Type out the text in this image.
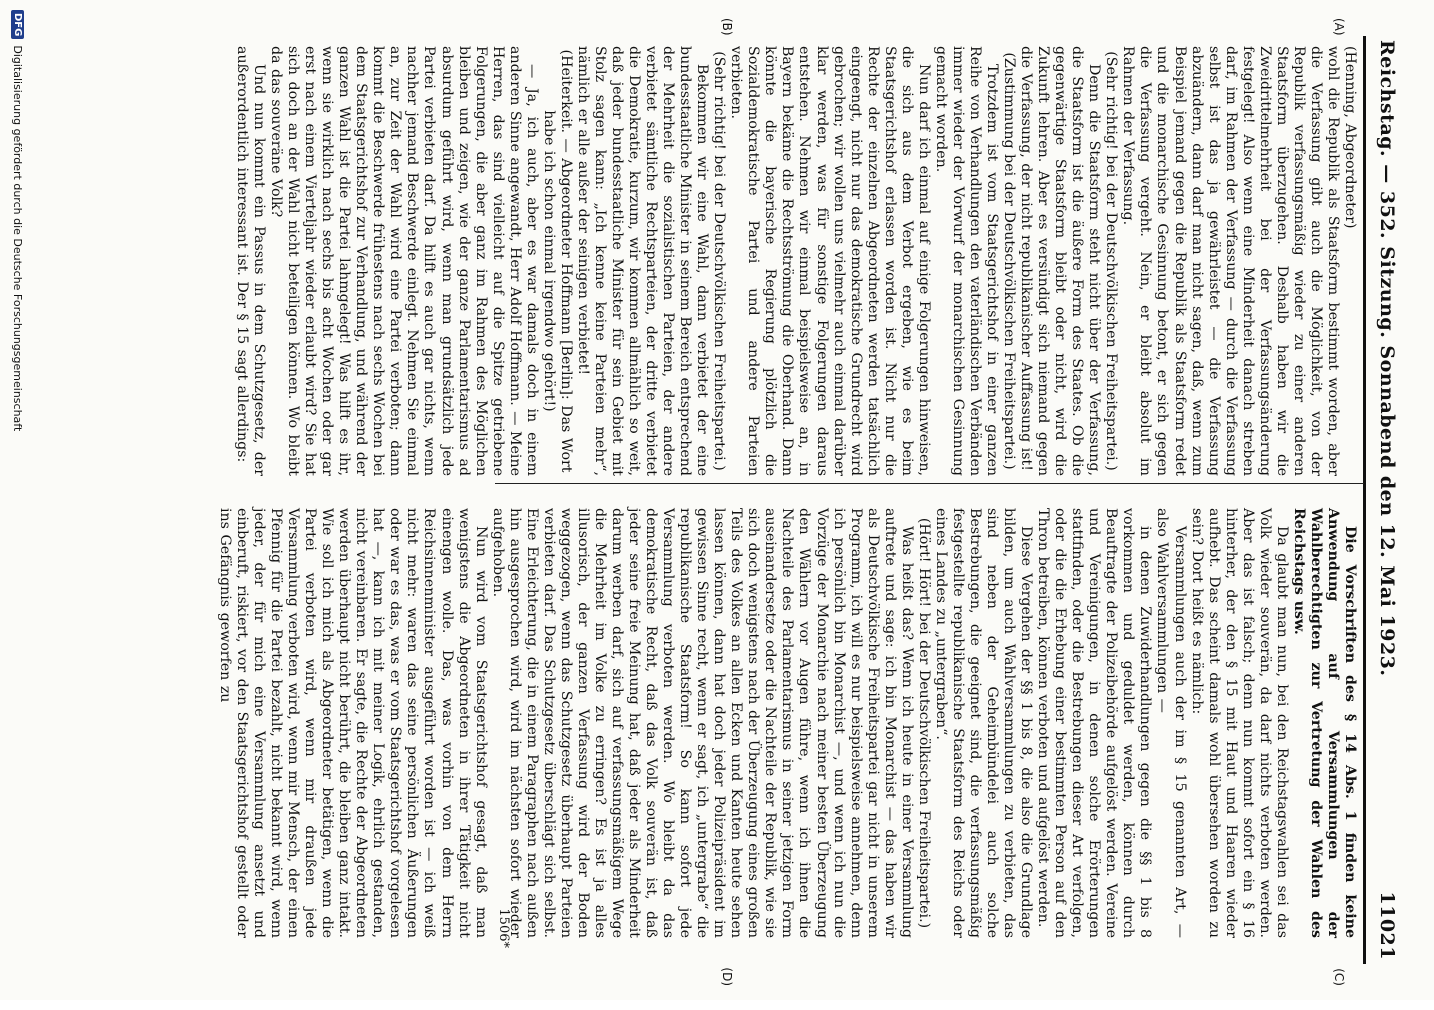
Reichstag. — 352. Sitzung. Sonnabend den 12. Mai 1923.
11021
(A)
(B)
(C)
(D)

(Henning, Abgeordneter)

wohl die Republik als Staatsform bestimmt worden, aber die Verfassung gibt auch die Möglichkeit, von der Republik verfassungsmäßig wieder zu einer anderen Staatsform überzugehen. Deshalb haben wir die Zweidrittelmehrheit bei der Verfassungsänderung festgelegt! Also wenn eine Minderheit danach streben darf, im Rahmen der Verfassung — durch die Verfassung selbst ist das ja gewährleistet — die Verfassung abzuändern, dann darf man nicht sagen, daß, wenn zum Beispiel jemand gegen die Republik als Staatsform redet und die monarchische Gesinnung betont, er sich gegen die Verfassung vergeht. Nein, er bleibt absolut im Rahmen der Verfassung.

(Sehr richtig! bei der Deutschvölkischen Freiheitspartei.)

Denn die Staatsform steht nicht über der Verfassung, die Staatsform ist die äußere Form des Staates. Ob die gegenwärtige Staatsform bleibt oder nicht, wird die Zukunft lehren. Aber es versündigt sich niemand gegen die Verfassung, der nicht republikanischer Auffassung ist!

(Zustimmung bei der Deutschvölkischen Freiheitspartei.)

Trotzdem ist vom Staatsgerichtshof in einer ganzen Reihe von Verhandlungen den vaterländischen Verbänden immer wieder der Vorwurf der monarchischen Gesinnung gemacht worden.

Nun darf ich einmal auf einige Folgerungen hinweisen, die sich aus dem Verbot ergeben, wie es beim Staatsgerichtshof erlassen worden ist. Nicht nur die Rechte der einzelnen Abgeordneten werden tatsächlich eingeengt, nicht nur das demokratische Grundrecht wird gebrochen; wir wollen uns vielmehr auch einmal darüber klar werden, was für sonstige Folgerungen daraus entstehen. Nehmen wir einmal beispielsweise an, in Bayern bekäme die Rechtsströmung die Oberhand. Dann könnte die bayerische Regierung plötzlich die Sozialdemokratische Partei und andere Parteien verbieten.

(Sehr richtig! bei der Deutschvölkischen Freiheitspartei.)

Bekommen wir eine Wahl, dann verbietet der eine bundesstaatliche Minister in seinem Bereich entsprechend der Mehrheit die sozialistischen Parteien, der andere verbietet sämtliche Rechtsparteien, der dritte verbietet die Demokratie, kurzum, wir kommen allmählich so weit, daß jeder bundesstaatliche Minister für sein Gebiet mit Stolz sagen kann: „Ich kenne keine Parteien mehr“, nämlich er alle außer der seinigen verbietet!

(Heiterkeit. — Abgeordneter Hoffmann [Berlin]: Das Wort habe ich schon einmal irgendwo gehört!)

— Ja, ich auch, aber es war damals doch in einem anderen Sinne angewandt, Herr Adolf Hoffmann. — Meine Herren, das sind vielleicht auf die Spitze getriebene Folgerungen, die aber ganz im Rahmen des Möglichen bleiben und zeigen, wie der ganze Parlamentarismus ad absurdum geführt wird, wenn man grundsätzlich jede Partei verbieten darf. Da hilft es auch gar nichts, wenn nachher jemand Beschwerde einlegt. Nehmen Sie einmal an, zur Zeit der Wahl wird eine Partei verboten; dann kommt die Beschwerde frühestens nach sechs Wochen bei dem Staatsgerichtshof zur Verhandlung, und während der ganzen Wahl ist die Partei lahmgelegt! Was hilft es ihr, wenn sie wirklich nach sechs bis acht Wochen oder gar erst nach einem Vierteljahr wieder erlaubt wird? Sie hat sich doch an der Wahl nicht beteiligen können. Wo bleibt da das souveräne Volk?

Und nun kommt ein Passus in dem Schutzgesetz, der außerordentlich interessant ist. Der § 15 sagt allerdings:

Die Vorschriften des § 14 Abs. 1 finden keine Anwendung auf Versammlungen der Wahlberechtigten zur Vertretung der Wahlen des Reichstags usw.

Da glaubt man nun, bei den Reichstagswahlen sei das Volk wieder souverän, da darf nichts verboten werden. Aber das ist falsch; denn nun kommt sofort ein § 16 hinterher, der den § 15 mit Haut und Haaren wieder aufhebt. Das scheint damals wohl übersehen worden zu sein? Dort heißt es nämlich:

Versammlungen auch der im § 15 genannten Art, — also Wahlversammlungen —

in denen Zuwiderhandlungen gegen die §§ 1 bis 8 vorkommen und geduldet werden, können durch Beauftragte der Polizeibehörde aufgelöst werden. Vereine und Vereinigungen, in denen solche Erörterungen stattfinden, oder die Bestrebungen dieser Art verfolgen, oder die die Erhebung einer bestimmten Person auf den Thron betreiben, können verboten und aufgelöst werden.

Diese Vergehen der §§ 1 bis 8, die also die Grundlage bilden, um auch Wahlversammlungen zu verbieten, das sind neben der Geheimbündelei auch solche Bestrebungen, die geeignet sind, die verfassungsmäßig festgestellte republikanische Staatsform des Reichs oder eines Landes zu „untergraben“.

(Hört! Hört! bei der Deutschvölkischen Freiheitspartei.)

Was heißt das? Wenn ich heute in einer Versammlung auftrete und sage: ich bin Monarchist — das haben wir als Deutschvölkische Freiheitspartei gar nicht in unserem Programm, ich will es nur beispielsweise annehmen, denn ich persönlich bin Monarchist —, und wenn ich nun die Vorzüge der Monarchie nach meiner besten Überzeugung den Wählern vor Augen führe, wenn ich ihnen die Nachteile des Parlamentarismus in seiner jetzigen Form auseinandersetze oder die Nachteile der Republik, wie sie sich doch wenigstens nach der Überzeugung eines großen Teils des Volkes an allen Ecken und Kanten heute sehen lassen können, dann hat doch jeder Polizeipräsident im gewissen Sinne recht, wenn er sagt, ich „untergrabe“ die republikanische Staatsform! So kann sofort jede Versammlung verboten werden. Wo bleibt da das demokratische Recht, daß das Volk souverän ist, daß jeder seine freie Meinung hat, daß jeder als Minderheit darum werben darf, sich auf verfassungsmäßigem Wege die Mehrheit im Volke zu erringen? Es ist ja alles illusorisch, der ganzen Verfassung wird der Boden weggezogen, wenn das Schutzgesetz überhaupt Parteien verbieten darf. Das Schutzgesetz überschlägt sich selbst. Eine Erleichterung, die in einem Paragraphen nach außen hin ausgesprochen wird, wird im nächsten sofort wieder aufgehoben.

Nun wird vom Staatsgerichtshof gesagt, daß man wenigstens die Abgeordneten in ihrer Tätigkeit nicht einengen wolle. Das, was vorhin von dem Herrn Reichsinnenminister ausgeführt worden ist — ich weiß nicht mehr: waren das seine persönlichen Äußerungen oder war es das, was er vom Staatsgerichtshof vorgelesen hat —, kann ich mit meiner Logik, ehrlich gestanden, nicht vereinbaren. Er sagte, die Rechte der Abgeordneten werden überhaupt nicht berührt, die bleiben ganz intakt. Wie soll ich mich als Abgeordneter betätigen, wenn die Partei verboten wird, wenn mir draußen jede Versammlung verboten wird, wenn mir Mensch, der einen Pfennig für die Partei bezahlt, nicht bekannt wird, wenn jeder, der für mich eine Versammlung ansetzt und einberuft, riskiert, vor den Staatsgerichtshof gestellt oder ins Gefängnis geworfen zu

1506*
DFG
Digitalisierung gefördert durch die Deutsche Forschungsgemeinschaft
